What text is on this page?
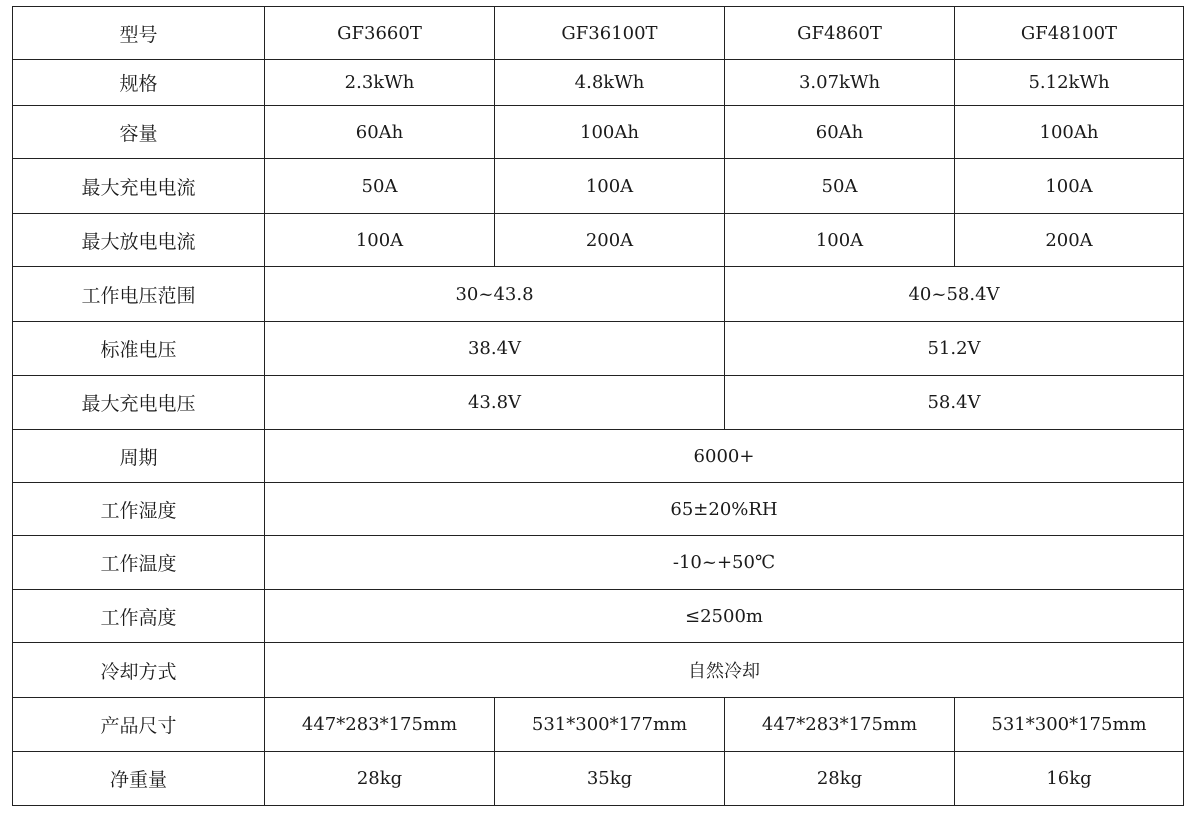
型号	GF3660T	GF36100T	GF4860T	GF48100T
规格	2.3kWh	4.8kWh	3.07kWh	5.12kWh
容量	60Ah	100Ah	60Ah	100Ah
最大充电电流	50A	100A	50A	100A
最大放电电流	100A	200A	100A	200A
工作电压范围	30~43.8		40~58.4V	
标准电压	38.4V		51.2V	
最大充电电压	43.8V		58.4V	
周期	6000+			
工作湿度	65±20%RH			
工作温度	-10~+50℃			
工作高度	≤2500m			
冷却方式	自然冷却			
产品尺寸	447*283*175mm	531*300*177mm	447*283*175mm	531*300*175mm
净重量	28kg	35kg	28kg	16kg
